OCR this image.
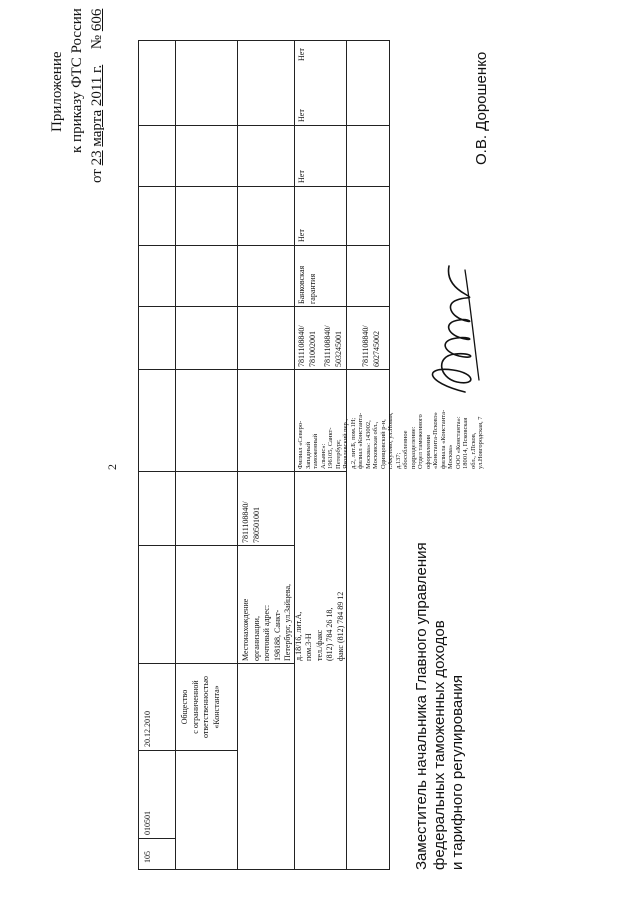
2
Приложение к приказу ФТС России
от 23 марта 2011 г.  № 606
105
010501
20.12.2010
Общество
с ограниченной
ответственностью
«Константа»
Местонахождение
организации,
почтовый адрес:
198188, Санкт-
Петербург, ул.Зайцева,
д.18/16, лит.А,
пом.3-Н
тел./факс
(812) 784 26 18,
факс (812) 784 89 12
7811108840/
780501001
Филиал «Северо-
Западный
таможенный
Альянс»:
196105, Санкт-
Петербург,
Яковлевский пер.,
д.2, лит.Б, пом.1Н;
филиал «Константа-
Москва»: 143002,
Московская обл.,
Одинцовский р-н,
г.Акулово, ул.Новая,
д.137;
обособленное
подразделение:
Отдел таможенного
оформления
«Константа-Псковэ»
филиала «Константа-
Москва»
ООО «Константа»:
180014, Псковская
обл., г.Псков,
ул.Новгородская, 7
7811108840/
781002001
Банковская
гарантия
Нет
Нет
Нет
Нет
7811108840/
503245001 7811108840/
602745002
Заместитель начальника Главного управления
федеральных таможенных доходов
и тарифного регулирования
О.В. Дорошенко
